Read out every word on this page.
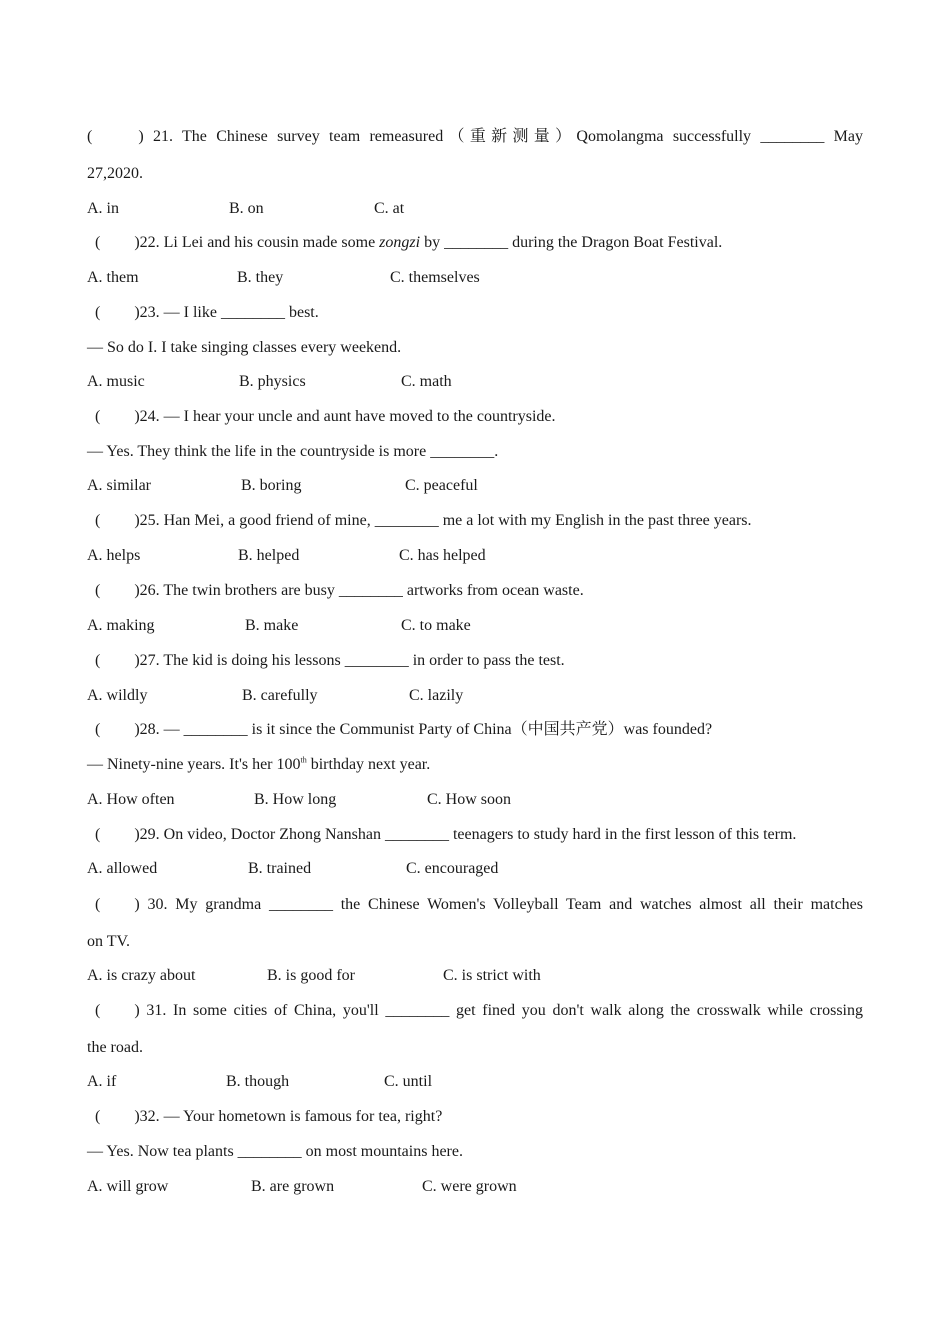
(	) 21. The Chinese survey team remeasured（重新测量）Qomolangma successfully ________ May
27,2020.
A. in	B. on	C. at
( )22. Li Lei and his cousin made some zongzi by ________ during the Dragon Boat Festival.
A. them	B. they	C. themselves
( )23. — I like ________ best.
— So do I. I take singing classes every weekend.
A. music	B. physics	C. math
( )24. — I hear your uncle and aunt have moved to the countryside.
— Yes. They think the life in the countryside is more ________.
A. similar	B. boring	C. peaceful
( )25. Han Mei, a good friend of mine, ________ me a lot with my English in the past three years.
A. helps	B. helped	C. has helped
( )26. The twin brothers are busy ________ artworks from ocean waste.
A. making	B. make	C. to make
( )27. The kid is doing his lessons ________ in order to pass the test.
A. wildly	B. carefully	C. lazily
( )28. — ________ is it since the Communist Party of China（中国共产党）was founded?
— Ninety-nine years. It's her 100th birthday next year.
A. How often	B. How long	C. How soon
( )29. On video, Doctor Zhong Nanshan ________ teenagers to study hard in the first lesson of this term.
A. allowed	B. trained	C. encouraged
( ) 30. My grandma ________ the Chinese Women's Volleyball Team and watches almost all their matches
on TV.
A. is crazy about	B. is good for	C. is strict with
( ) 31. In some cities of China, you'll ________ get fined you don't walk along the crosswalk while crossing
the road.
A. if	B. though	C. until
( )32. — Your hometown is famous for tea, right?
— Yes. Now tea plants ________ on most mountains here.
A. will grow	B. are grown	C. were grown
